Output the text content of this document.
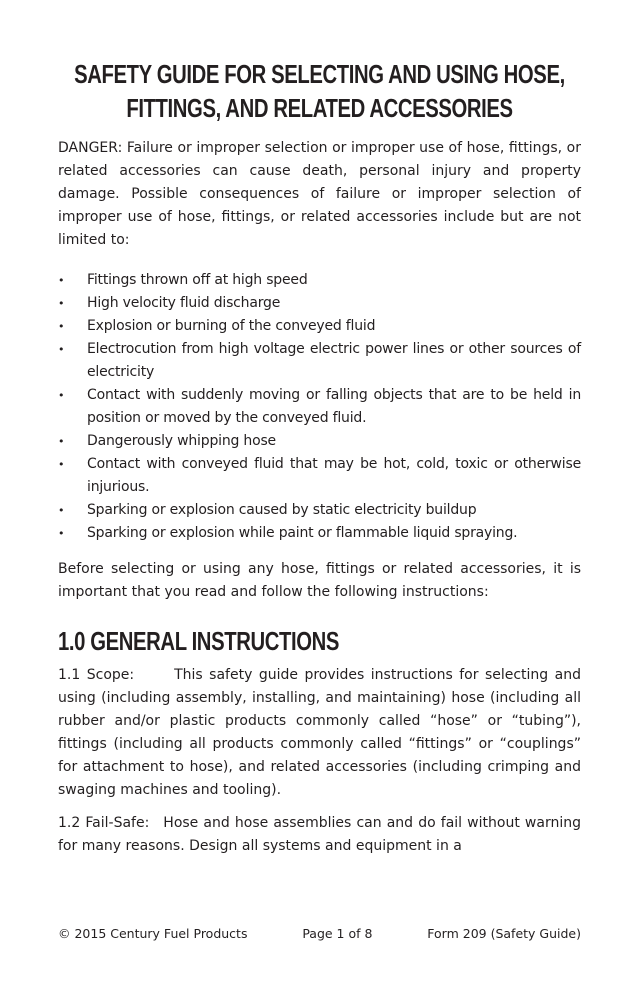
SAFETY GUIDE FOR SELECTING AND USING HOSE,
FITTINGS, AND RELATED ACCESSORIES

DANGER: Failure or improper selection or improper use of hose, fittings, or related accessories can cause death, personal injury and property damage. Possible consequences of failure or improper selection of improper use of hose, fittings, or related accessories include but are not limited to:

• Fittings thrown off at high speed
• High velocity fluid discharge
• Explosion or burning of the conveyed fluid
• Electrocution from high voltage electric power lines or other sources of electricity
• Contact with suddenly moving or falling objects that are to be held in position or moved by the conveyed fluid.
• Dangerously whipping hose
• Contact with conveyed fluid that may be hot, cold, toxic or otherwise injurious.
• Sparking or explosion caused by static electricity buildup
• Sparking or explosion while paint or flammable liquid spraying.

Before selecting or using any hose, fittings or related accessories, it is important that you read and follow the following instructions:

1.0 GENERAL INSTRUCTIONS

1.1 Scope:	This safety guide provides instructions for selecting and using (including assembly, installing, and maintaining) hose (including all rubber and/or plastic products commonly called “hose” or “tubing”), fittings (including all products commonly called “fittings” or “couplings” for attachment to hose), and related accessories (including crimping and swaging machines and tooling).

1.2 Fail-Safe: Hose and hose assemblies can and do fail without warning for many reasons. Design all systems and equipment in a

© 2015 Century Fuel Products	Page 1 of 8	Form 209 (Safety Guide)
